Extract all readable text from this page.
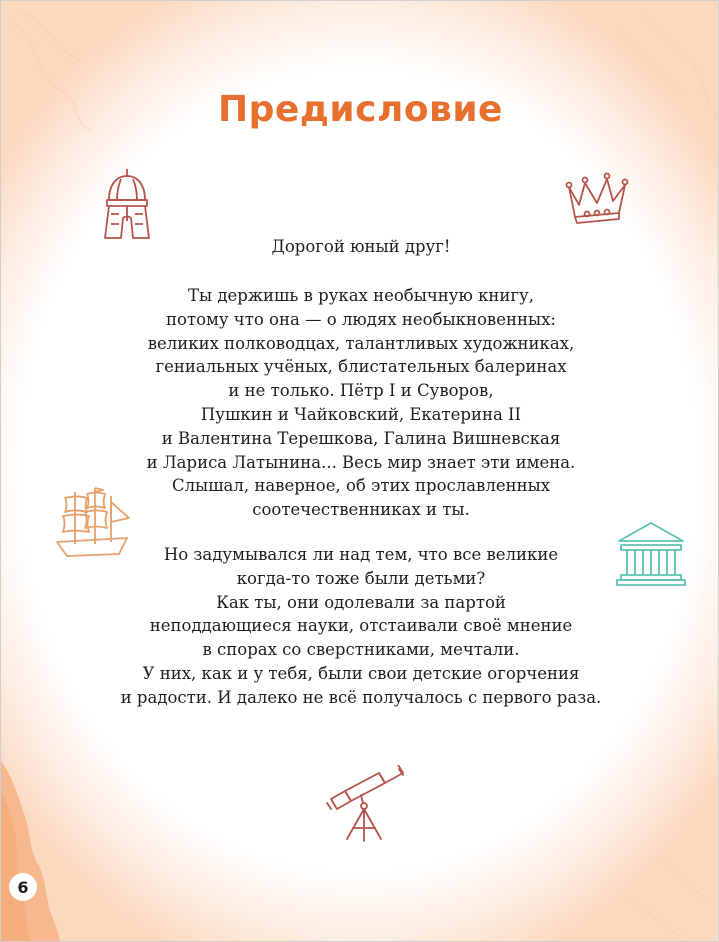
Предисловие
Дорогой юный друг!
Ты держишь в руках необычную книгу,
потому что она — о людях необыкновенных:
великих полководцах, талантливых художниках,
гениальных учёных, блистательных балеринах
и не только. Пётр I и Суворов,
Пушкин и Чайковский, Екатерина II
и Валентина Терешкова, Галина Вишневская
и Лариса Латынина... Весь мир знает эти имена.
Слышал, наверное, об этих прославленных
соотечественниках и ты.
Но задумывался ли над тем, что все великие
когда-то тоже были детьми?
Как ты, они одолевали за партой
неподдающиеся науки, отстаивали своё мнение
в спорах со сверстниками, мечтали.
У них, как и у тебя, были свои детские огорчения
и радости. И далеко не всё получалось с первого раза.
6
